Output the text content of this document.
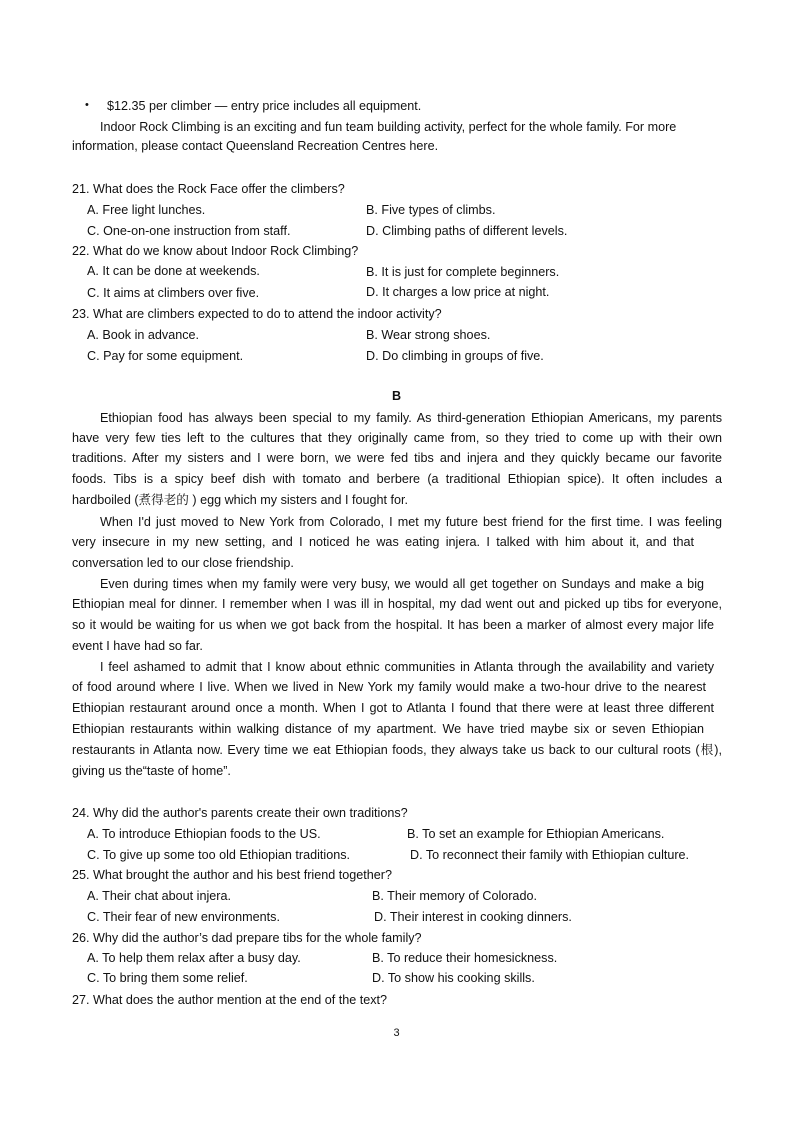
• $12.35 per climber — entry price includes all equipment.
Indoor Rock Climbing is an exciting and fun team building activity, perfect for the whole family. For more
information, please contact Queensland Recreation Centres here.
21. What does the Rock Face offer the climbers?
A. Free light lunches.	B. Five types of climbs.
C. One-on-one instruction from staff.	D. Climbing paths of different levels.
22. What do we know about Indoor Rock Climbing?
A. It can be done at weekends.	B. It is just for complete beginners.
C. It aims at climbers over five.	D. It charges a low price at night.
23. What are climbers expected to do to attend the indoor activity?
A. Book in advance.	B. Wear strong shoes.
C. Pay for some equipment.	D. Do climbing in groups of five.
B
Ethiopian food has always been special to my family. As third-generation Ethiopian Americans, my parents
have very few ties left to the cultures that they originally came from, so they tried to come up with their own
traditions. After my sisters and I were born, we were fed tibs and injera and they quickly became our favorite
foods. Tibs is a spicy beef dish with tomato and berbere (a traditional Ethiopian spice). It often includes a
hardboiled (煮得老的 ) egg which my sisters and I fought for.
When I'd just moved to New York from Colorado, I met my future best friend for the first time. I was feeling
very insecure in my new setting, and I noticed he was eating injera. I talked with him about it, and that
conversation led to our close friendship.
Even during times when my family were very busy, we would all get together on Sundays and make a big
Ethiopian meal for dinner. I remember when I was ill in hospital, my dad went out and picked up tibs for everyone,
so it would be waiting for us when we got back from the hospital. It has been a marker of almost every major life
event I have had so far.
I feel ashamed to admit that I know about ethnic communities in Atlanta through the availability and variety
of food around where I live. When we lived in New York my family would make a two-hour drive to the nearest
Ethiopian restaurant around once a month. When I got to Atlanta I found that there were at least three different
Ethiopian restaurants within walking distance of my apartment. We have tried maybe six or seven Ethiopian
restaurants in Atlanta now. Every time we eat Ethiopian foods, they always take us back to our cultural roots (根),
giving us the“taste of home”.
24. Why did the author's parents create their own traditions?
A. To introduce Ethiopian foods to the US.	B. To set an example for Ethiopian Americans.
C. To give up some too old Ethiopian traditions.	D. To reconnect their family with Ethiopian culture.
25. What brought the author and his best friend together?
A. Their chat about injera.	B. Their memory of Colorado.
C. Their fear of new environments.	D. Their interest in cooking dinners.
26. Why did the author’s dad prepare tibs for the whole family?
A. To help them relax after a busy day.	B. To reduce their homesickness.
C. To bring them some relief.	D. To show his cooking skills.
27. What does the author mention at the end of the text?
3
